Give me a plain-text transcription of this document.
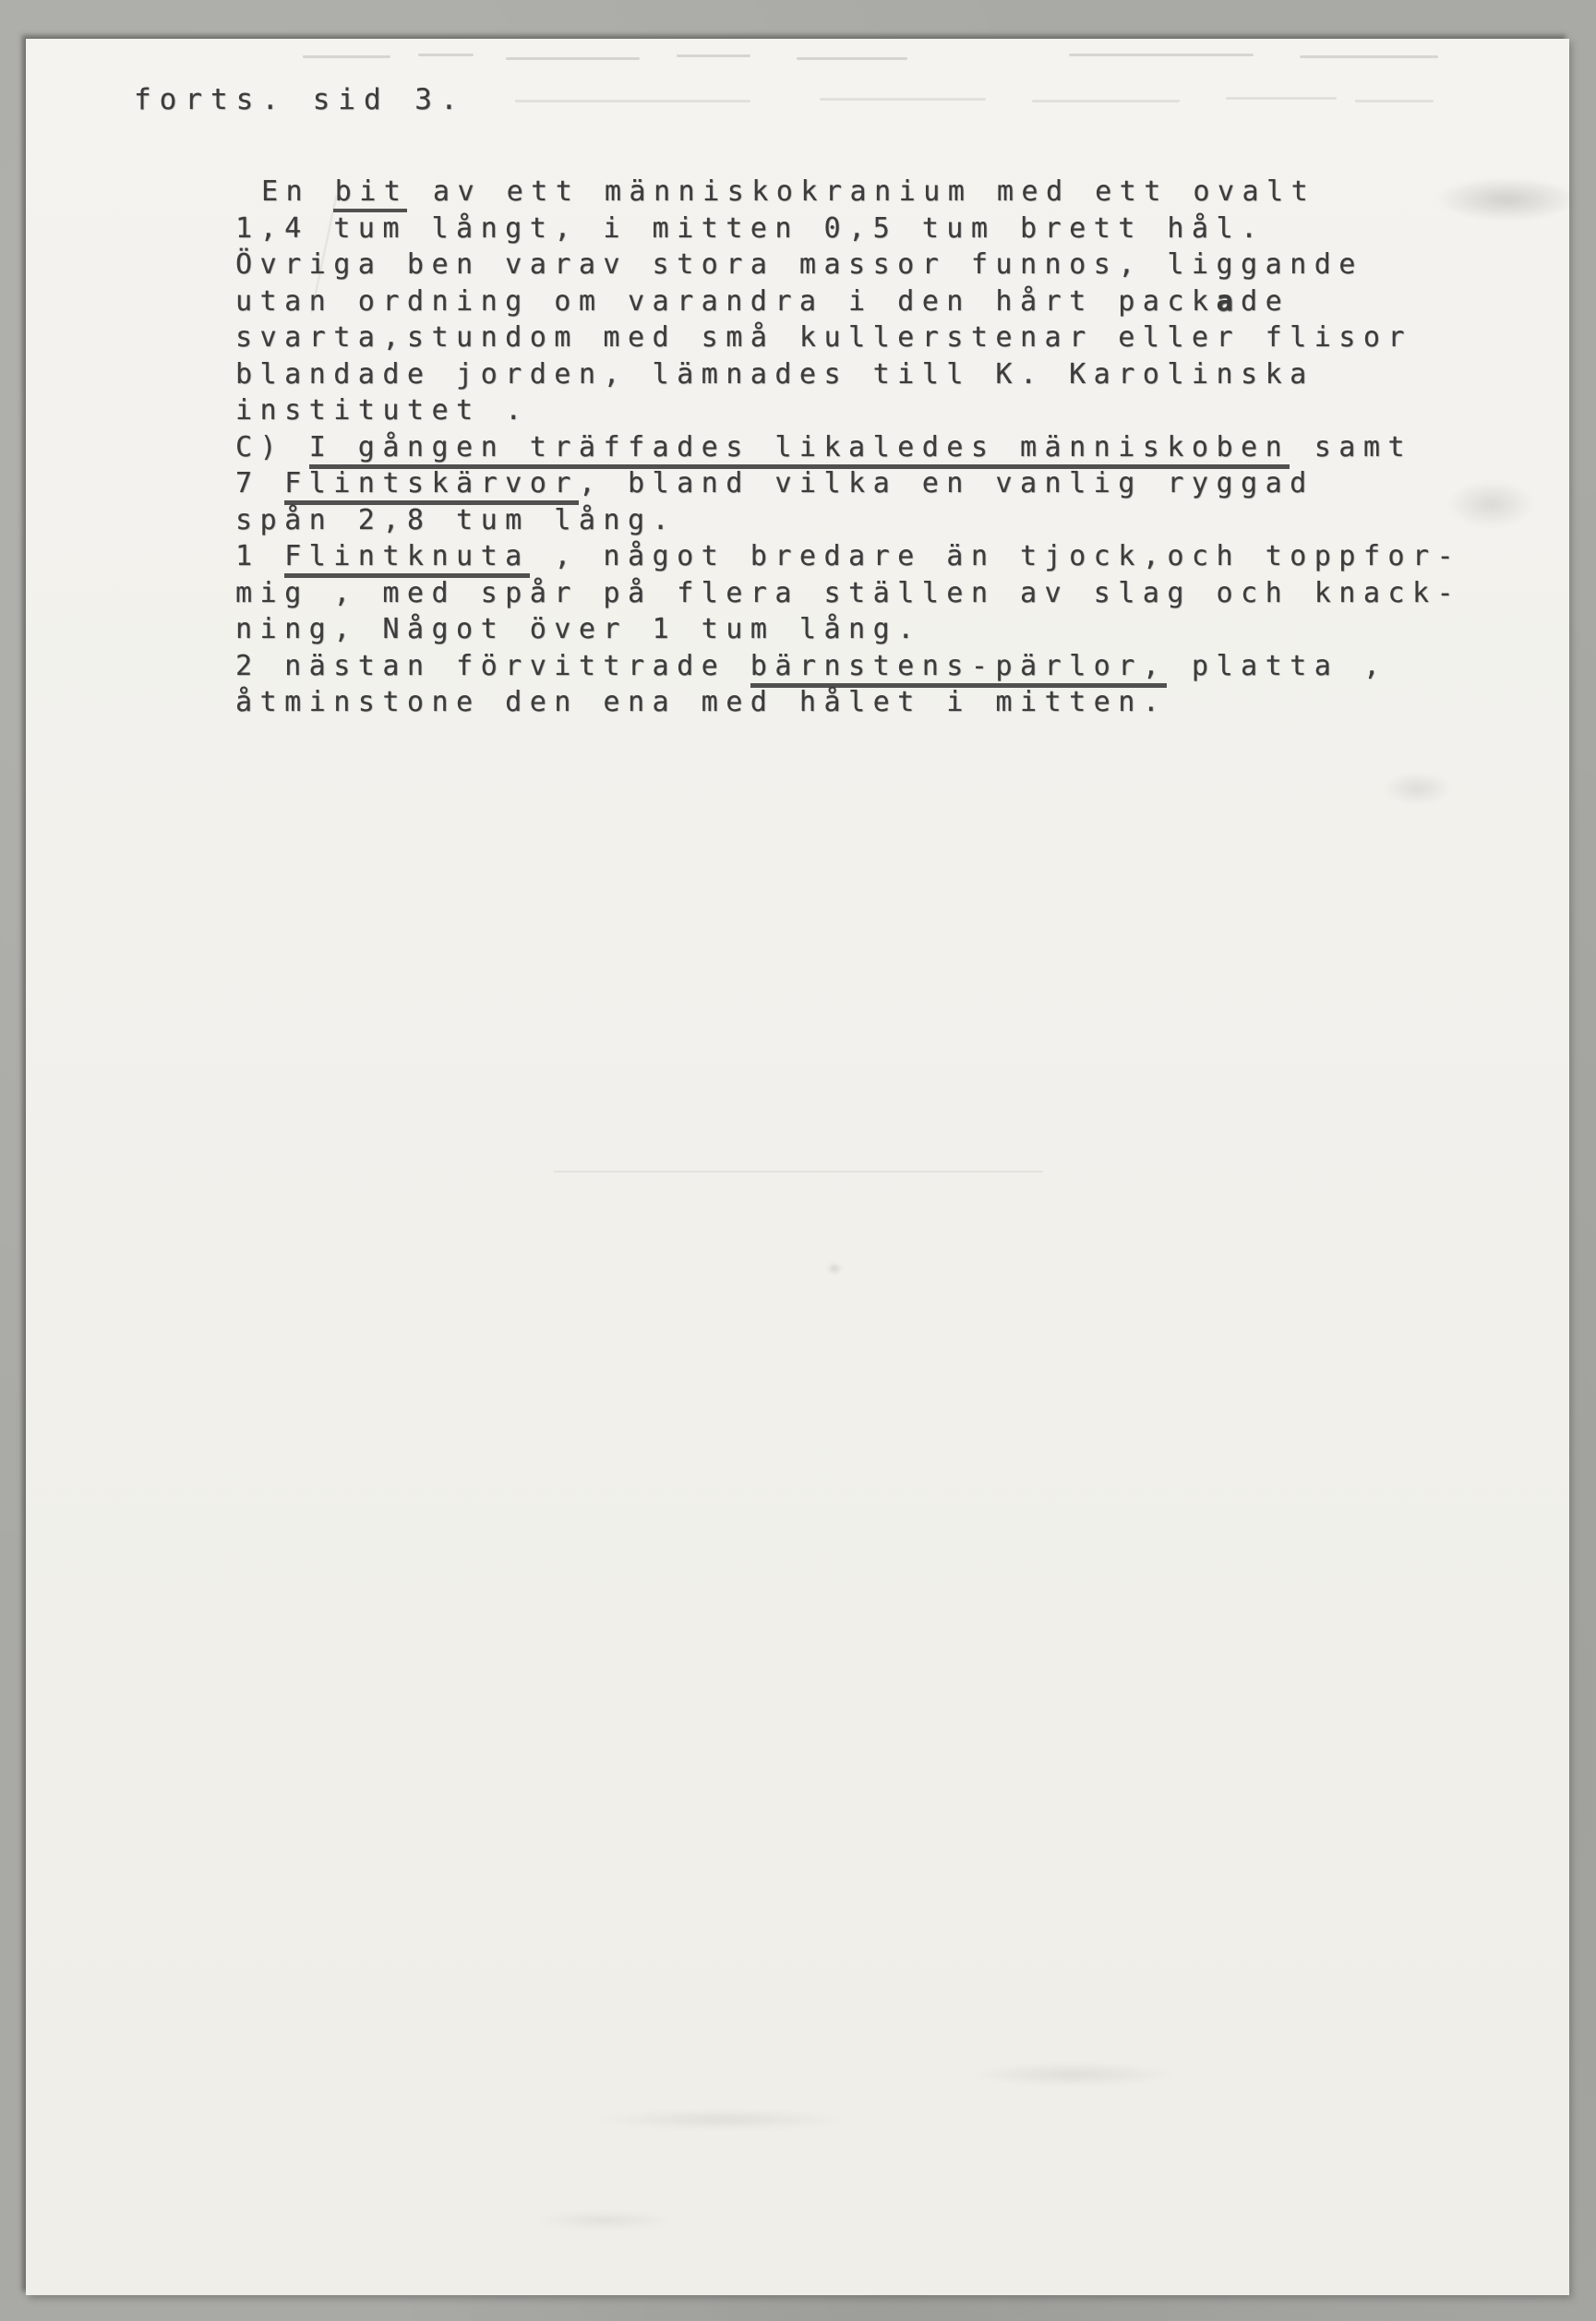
forts. sid 3.
En bit av ett människokranium med ett ovalt
1,4 tum långt, i mitten 0,5 tum brett hål.
Övriga ben varav stora massor funnos, liggande
utan ordning om varandra i den hårt packade
svarta,stundom med små kullerstenar eller flisor
blandade jorden, lämnades till K. Karolinska
institutet .
C) I gången träffades likaledes människoben samt
7 Flintskärvor, bland vilka en vanlig ryggad
spån 2,8 tum lång.
1 Flintknuta , något bredare än tjock,och toppfor-
mig , med spår på flera ställen av slag och knack-
ning, Något över 1 tum lång.
2 nästan förvittrade bärnstens-pärlor, platta ,
åtminstone den ena med hålet i mitten.
